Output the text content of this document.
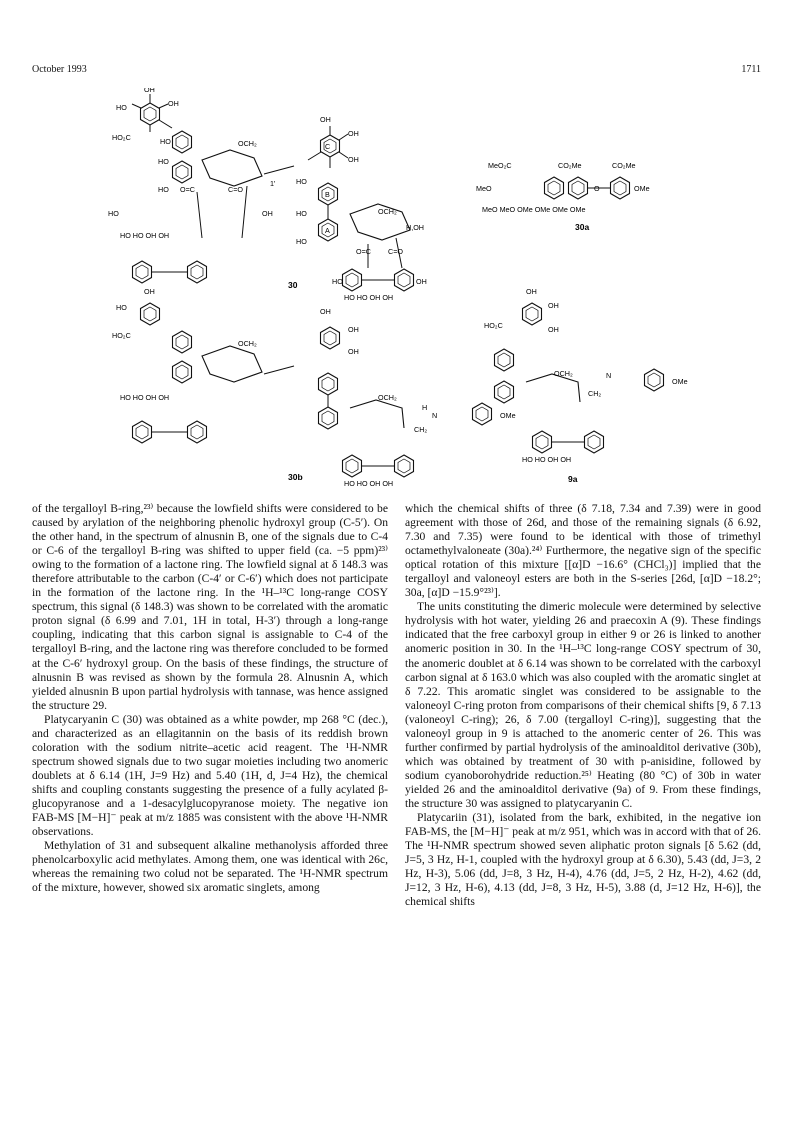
October 1993	1711
OH
HO	OH
HO₂C	HO	OCH₂
HO
HO O=C	C=O
1'
HO	OH
HO HO OH OH
OH
OH
OH
C
HO
B
HO
A
HO
OCH₂
H,OH
O=C C=O
HO	OH
HO HO OH OH
30
MeO₂C	CO₂Me	CO₂Me
MeO	O	OMe
MeO MeO OMe OMe OMe OMe
30a
OH
HO
HO₂C
OCH₂
OH
OH
OH
OCH₂
H
N	OMe
CH₂
HO HO OH OH
HO HO OH OH
30b
OH
OH
HO₂C	OH
OCH₂	N
OMe
CH₂
HO HO OH OH
9a

of the tergalloyl B-ring,²³⁾ because the lowfield shifts were considered to be caused by arylation of the neighboring phenolic hydroxyl group (C-5′). On the other hand, in the spectrum of alnusnin B, one of the signals due to C-4 or C-6 of the tergalloyl B-ring was shifted to upper field (ca. −5 ppm)²³⁾ owing to the formation of a lactone ring. The lowfield signal at δ 148.3 was therefore attributable to the carbon (C-4′ or C-6′) which does not participate in the formation of the lactone ring. In the ¹H–¹³C long-range COSY spectrum, this signal (δ 148.3) was shown to be correlated with the aromatic proton signal (δ 6.99 and 7.01, 1H in total, H-3′) through a long-range coupling, indicating that this carbon signal is assignable to C-4 of the tergalloyl B-ring, and the lactone ring was therefore concluded to be formed at the C-6′ hydroxyl group. On the basis of these findings, the structure of alnusnin B was revised as shown by the formula 28. Alnusnin A, which yielded alnusnin B upon partial hydrolysis with tannase, was hence assigned the structure 29.

Platycaryanin C (30) was obtained as a white powder, mp 268 °C (dec.), and characterized as an ellagitannin on the basis of its reddish brown coloration with the sodium nitrite–acetic acid reagent. The ¹H-NMR spectrum showed signals due to two sugar moieties including two anomeric doublets at δ 6.14 (1H, J=9 Hz) and 5.40 (1H, d, J=4 Hz), the chemical shifts and coupling constants suggesting the presence of a fully acylated β-glucopyranose and a 1-desacylglucopyranose moiety. The negative ion FAB-MS [M−H]⁻ peak at m/z 1885 was consistent with the above ¹H-NMR observations.

Methylation of 31 and subsequent alkaline methanolysis afforded three phenolcarboxylic acid methylates. Among them, one was identical with 26c, whereas the remaining two colud not be separated. The ¹H-NMR spectrum of the mixture, however, showed six aromatic singlets, among

which the chemical shifts of three (δ 7.18, 7.34 and 7.39) were in good agreement with those of 26d, and those of the remaining signals (δ 6.92, 7.30 and 7.35) were found to be identical with those of trimethyl octamethylvaloneate (30a).²⁴⁾ Furthermore, the negative sign of the specific optical rotation of this mixture [[α]D −16.6° (CHCl₃)] implied that the tergalloyl and valoneoyl esters are both in the S-series [26d, [α]D −18.2°; 30a, [α]D −15.9°²³⁾].

The units constituting the dimeric molecule were determined by selective hydrolysis with hot water, yielding 26 and praecoxin A (9). These findings indicated that the free carboxyl group in either 9 or 26 is linked to another anomeric position in 30. In the ¹H–¹³C long-range COSY spectrum of 30, the anomeric doublet at δ 6.14 was shown to be correlated with the carboxyl carbon signal at δ 163.0 which was also coupled with the aromatic singlet at δ 7.22. This aromatic singlet was considered to be assignable to the valoneoyl C-ring proton from comparisons of their chemical shifts [9, δ 7.13 (valoneoyl C-ring); 26, δ 7.00 (tergalloyl C-ring)], suggesting that the valoneoyl group in 9 is attached to the anomeric center of 26. This was further confirmed by partial hydrolysis of the aminoalditol derivative (30b), which was obtained by treatment of 30 with p-anisidine, followed by sodium cyanoborohydride reduction.²⁵⁾ Heating (80 °C) of 30b in water yielded 26 and the aminoalditol derivative (9a) of 9. From these findings, the structure 30 was assigned to platycaryanin C.

Platycariin (31), isolated from the bark, exhibited, in the negative ion FAB-MS, the [M−H]⁻ peak at m/z 951, which was in accord with that of 26. The ¹H-NMR spectrum showed seven aliphatic proton signals [δ 5.62 (dd, J=5, 3 Hz, H-1, coupled with the hydroxyl group at δ 6.30), 5.43 (dd, J=3, 2 Hz, H-3), 5.06 (dd, J=8, 3 Hz, H-4), 4.76 (dd, J=5, 2 Hz, H-2), 4.62 (dd, J=12, 3 Hz, H-6), 4.13 (dd, J=8, 3 Hz, H-5), 3.88 (d, J=12 Hz, H-6)], the chemical shifts
